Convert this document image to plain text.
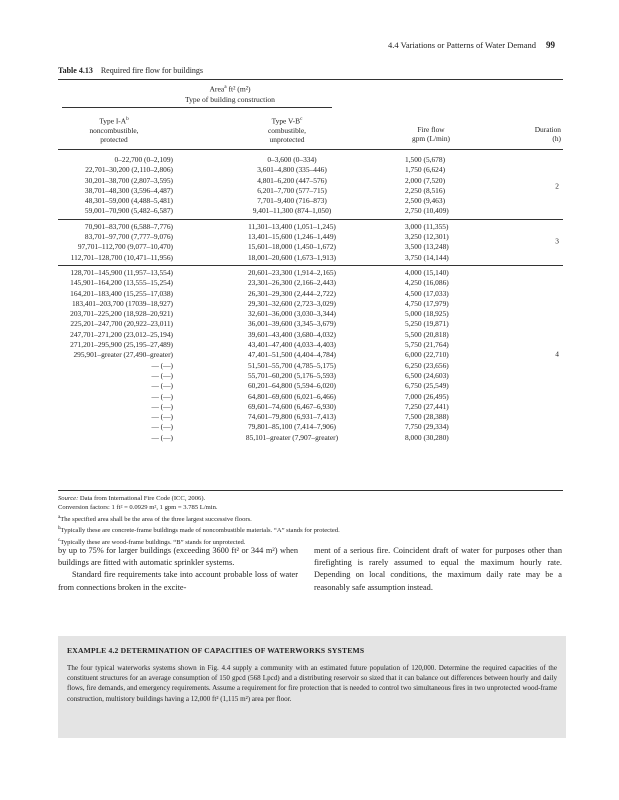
4.4 Variations or Patterns of Water Demand 99
Table 4.13 Required fire flow for buildings
Area$^a$ ft² (m²)
Type of building construction
Type $I-A^b$
noncombustible,
protected
Type $V-B^c$
combustible,
unprotected

Fire flow
gpm (L/min)

Duration
(h)
0–22,700 (0–2,109)	0–3,600 (0–334)	1,500 (5,678)
22,701–30,200 (2,110–2,806)	3,601–4,800 (335–446)	1,750 (6,624)
30,201–38,700 (2,807–3,595)	4,801–6,200 (447–576)	2,000 (7,520)
38,701–48,300 (3,596–4,487)	6,201–7,700 (577–715)	2,250 (8,516)
48,301–59,000 (4,488–5,481)	7,701–9,400 (716–873)	2,500 (9,463)
59,001–70,900 (5,482–6,587)	9,401–11,300 (874–1,050)	2,750 (10,409)
2
70,901–83,700 (6,588–7,776)	11,301–13,400 (1,051–1,245)	3,000 (11,355)
83,701–97,700 (7,777–9,076)	13,401–15,600 (1,246–1,449)	3,250 (12,301)
97,701–112,700 (9,077–10,470)	15,601–18,000 (1,450–1,672)	3,500 (13,248)
112,701–128,700 (10,471–11,956)	18,001–20,600 (1,673–1,913)	3,750 (14,144)
3
128,701–145,900 (11,957–13,554)	20,601–23,300 (1,914–2,165)	4,000 (15,140)
145,901–164,200 (13,555–15,254)	23,301–26,300 (2,166–2,443)	4,250 (16,086)
164,201–183,400 (15,255–17,038)	26,301–29,300 (2,444–2,722)	4,500 (17,033)
183,401–203,700 (17039–18,927)	29,301–32,600 (2,723–3,029)	4,750 (17,979)
203,701–225,200 (18,928–20,921)	32,601–36,000 (3,030–3,344)	5,000 (18,925)
225,201–247,700 (20,922–23,011)	36,001–39,600 (3,345–3,679)	5,250 (19,871)
247,701–271,200 (23,012–25,194)	39,601–43,400 (3,680–4,032)	5,500 (20,818)
271,201–295,900 (25,195–27,489)	43,401–47,400 (4,033–4,403)	5,750 (21,764)
295,901–greater (27,490–greater)	47,401–51,500 (4,404–4,784)	6,000 (22,710)
— (—)	51,501–55,700 (4,785–5,175)	6,250 (23,656)
— (—)	55,701–60,200 (5,176–5,593)	6,500 (24,603)
— (—)	60,201–64,800 (5,594–6,020)	6,750 (25,549)
— (—)	64,801–69,600 (6,021–6,466)	7,000 (26,495)
— (—)	69,601–74,600 (6,467–6,930)	7,250 (27,441)
— (—)	74,601–79,800 (6,931–7,413)	7,500 (28,388)
— (—)	79,801–85,100 (7,414–7,906)	7,750 (29,334)
— (—)	85,101–greater (7,907–greater)	8,000 (30,280)
4
Source: Data from International Fire Code (ICC, 2006).
Conversion factors: 1 ft² = 0.0929 m², 1 gpm = 3.785 L/min.
$^a$The specified area shall be the area of the three largest successive floors.
$^b$Typically these are concrete-frame buildings made of noncombustible materials. “A” stands for protected.
$^c$Typically these are wood-frame buildings. “B” stands for unprotected.

by up to 75% for larger buildings (exceeding 3600 ft² or 344 m²) when buildings are fitted with automatic sprinkler systems.

Standard fire requirements take into account probable loss of water from connections broken in the excite-

ment of a serious fire. Coincident draft of water for purposes other than firefighting is rarely assumed to equal the maximum hourly rate. Depending on local conditions, the maximum daily rate may be a reasonably safe assumption instead.

EXAMPLE 4.2 DETERMINATION OF CAPACITIES OF WATERWORKS SYSTEMS
The four typical waterworks systems shown in Fig. 4.4 supply a community with an estimated future population of 120,000. Determine the required capacities of the constituent structures for an average consumption of 150 gpcd (568 Lpcd) and a distributing reservoir so sized that it can balance out differences between hourly and daily flows, fire demands, and emergency requirements. Assume a requirement for fire protection that is needed to control two simultaneous fires in two unprotected wood-frame construction, multistory buildings having a 12,000 ft² (1,115 m²) area per floor.
